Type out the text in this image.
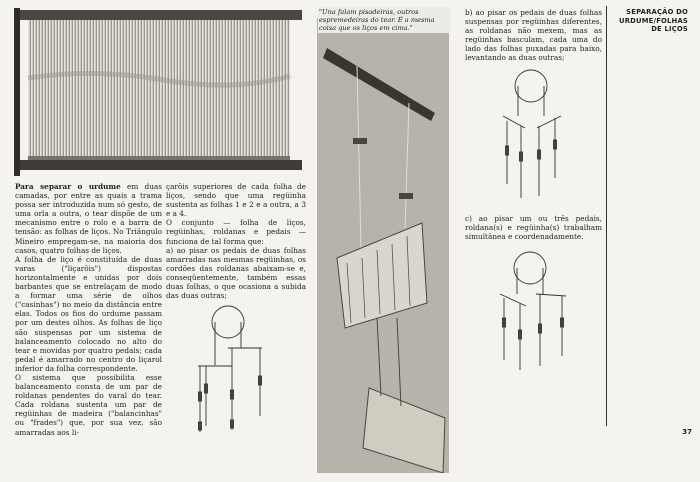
Para separar o urdume em duas camadas, por entre as quais a trama possa ser introduzida num só gesto, de uma orla a outra, o tear dispõe de um mecanismo entre o rolo e a barra de tensão: as folhas de liços. No Triângulo Mineiro empregam-se, na maioria dos casos, quatro folhas de liços.

A folha de liço é constituída de duas varas ("liçarôis") dispostas horizontalmente e unidas por dois barbantes que se entrelaçam de modo a formar uma série de olhos ("casinhas") no meio da distância entre elas. Todos os fios do urdume passam por um destes olhos. As folhas de liço são suspensas por um sistema de balanceamento colocado no alto do tear e movidas por quatro pedais; cada pedal é amarrado no centro do liçarol inferior da folha correspondente.

O sistema que possibilita esse balanceamento consta de um par de roldanas pendentes do varal do tear. Cada roldana sustenta um par de regüinhas de madeira ("balancinhas" ou "frades") que, por sua vez, são amarradas aos li-

çarôis superiores de cada folha de liços, sendo que uma regüinha sustenta as folhas 1 e 2 e a outra, a 3 e a 4.

O conjunto — folha de liços, regüinhas, roldanas e pedais — funciona de tal forma que:

a) ao pisar os pedais de duas folhas amarradas nas mesmas regüinhas, os cordões das roldanas abaixam-se e, conseqüentemente, também essas duas folhas, o que ocasiona a subida das duas outras;

"Una falam pisadeiras, outros espremedeiras do tear. É a mesma coisa que os liços em cima."

b) ao pisar os pedais de duas folhas suspensas por regüinhas diferentes, as roldanas não mexem, mas as regüinhas basculam, cada uma do lado das folhas puxadas para baixo, levantando as duas outras;

c) ao pisar um ou três pedais, roldana(s) e regüinha(s) trabalham simultânea e coordenadamente.

SEPARAÇÃO DO
URDUME/FOLHAS
DE LIÇOS
37
